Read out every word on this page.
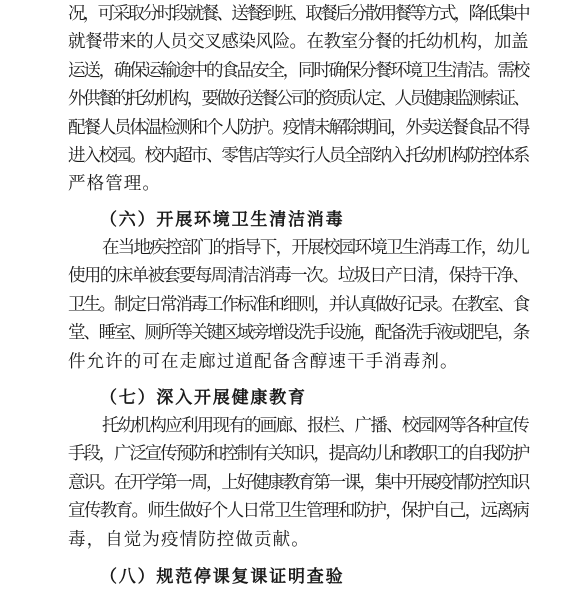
况，可采取分时段就餐、送餐到班、取餐后分散用餐等方式，降低集中
就餐带来的人员交叉感染风险。在教室分餐的托幼机构，加盖
运送，确保运输途中的食品安全，同时确保分餐环境卫生清洁。需校
外供餐的托幼机构，要做好送餐公司的资质认定、人员健康监测索证、
配餐人员体温检测和个人防护。疫情未解除期间，外卖送餐食品不得
进入校园。校内超市、零售店等实行人员全部纳入托幼机构防控体系
严格管理。
（六）开展环境卫生清洁消毒
在当地疾控部门的指导下，开展校园环境卫生消毒工作，幼儿
使用的床单被套要每周清洁消毒一次。垃圾日产日清，保持干净、
卫生。制定日常消毒工作标准和细则，并认真做好记录。在教室、食
堂、睡室、厕所等关键区域旁增设洗手设施，配备洗手液或肥皂，条
件允许的可在走廊过道配备含醇速干手消毒剂。
（七）深入开展健康教育
托幼机构应利用现有的画廊、报栏、广播、校园网等各种宣传
手段，广泛宣传预防和控制有关知识，提高幼儿和教职工的自我防护
意识。在开学第一周，上好健康教育第一课，集中开展疫情防控知识
宣传教育。师生做好个人日常卫生管理和防护，保护自己，远离病
毒，自觉为疫情防控做贡献。
（八）规范停课复课证明查验
